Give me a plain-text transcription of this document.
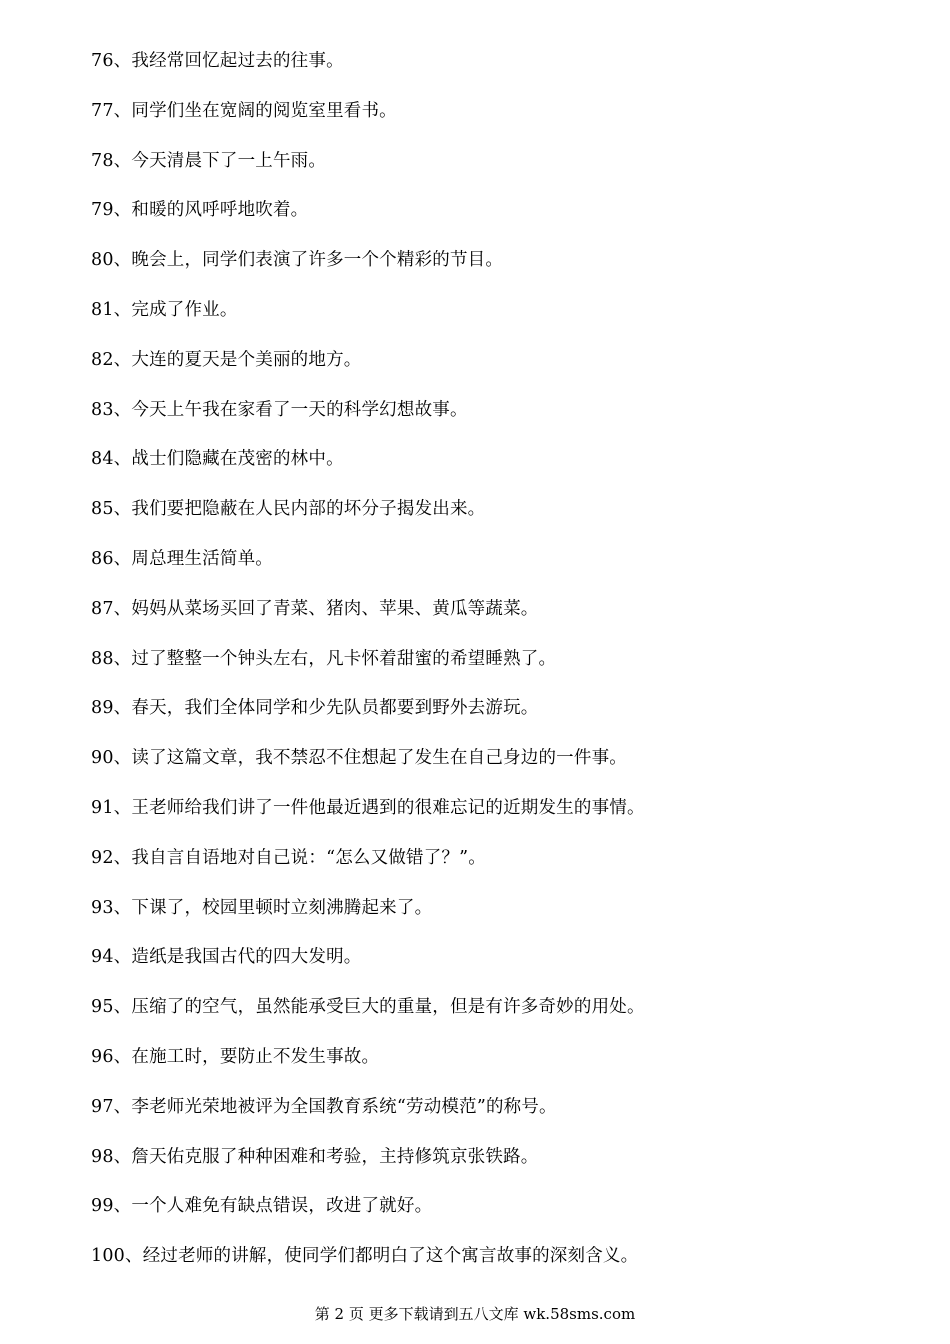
76、我经常回忆起过去的往事。
77、同学们坐在宽阔的阅览室里看书。
78、今天清晨下了一上午雨。
79、和暖的风呼呼地吹着。
80、晚会上，同学们表演了许多一个个精彩的节目。
81、完成了作业。
82、大连的夏天是个美丽的地方。
83、今天上午我在家看了一天的科学幻想故事。
84、战士们隐藏在茂密的林中。
85、我们要把隐蔽在人民内部的坏分子揭发出来。
86、周总理生活简单。
87、妈妈从菜场买回了青菜、猪肉、苹果、黄瓜等蔬菜。
88、过了整整一个钟头左右，凡卡怀着甜蜜的希望睡熟了。
89、春天，我们全体同学和少先队员都要到野外去游玩。
90、读了这篇文章，我不禁忍不住想起了发生在自己身边的一件事。
91、王老师给我们讲了一件他最近遇到的很难忘记的近期发生的事情。
92、我自言自语地对自己说：“怎么又做错了？”。
93、下课了，校园里顿时立刻沸腾起来了。
94、造纸是我国古代的四大发明。
95、压缩了的空气，虽然能承受巨大的重量，但是有许多奇妙的用处。
96、在施工时，要防止不发生事故。
97、李老师光荣地被评为全国教育系统“劳动模范”的称号。
98、詹天佑克服了种种困难和考验，主持修筑京张铁路。
99、一个人难免有缺点错误，改进了就好。
100、经过老师的讲解，使同学们都明白了这个寓言故事的深刻含义。
第 2 页 更多下载请到五八文库 wk.58sms.com
